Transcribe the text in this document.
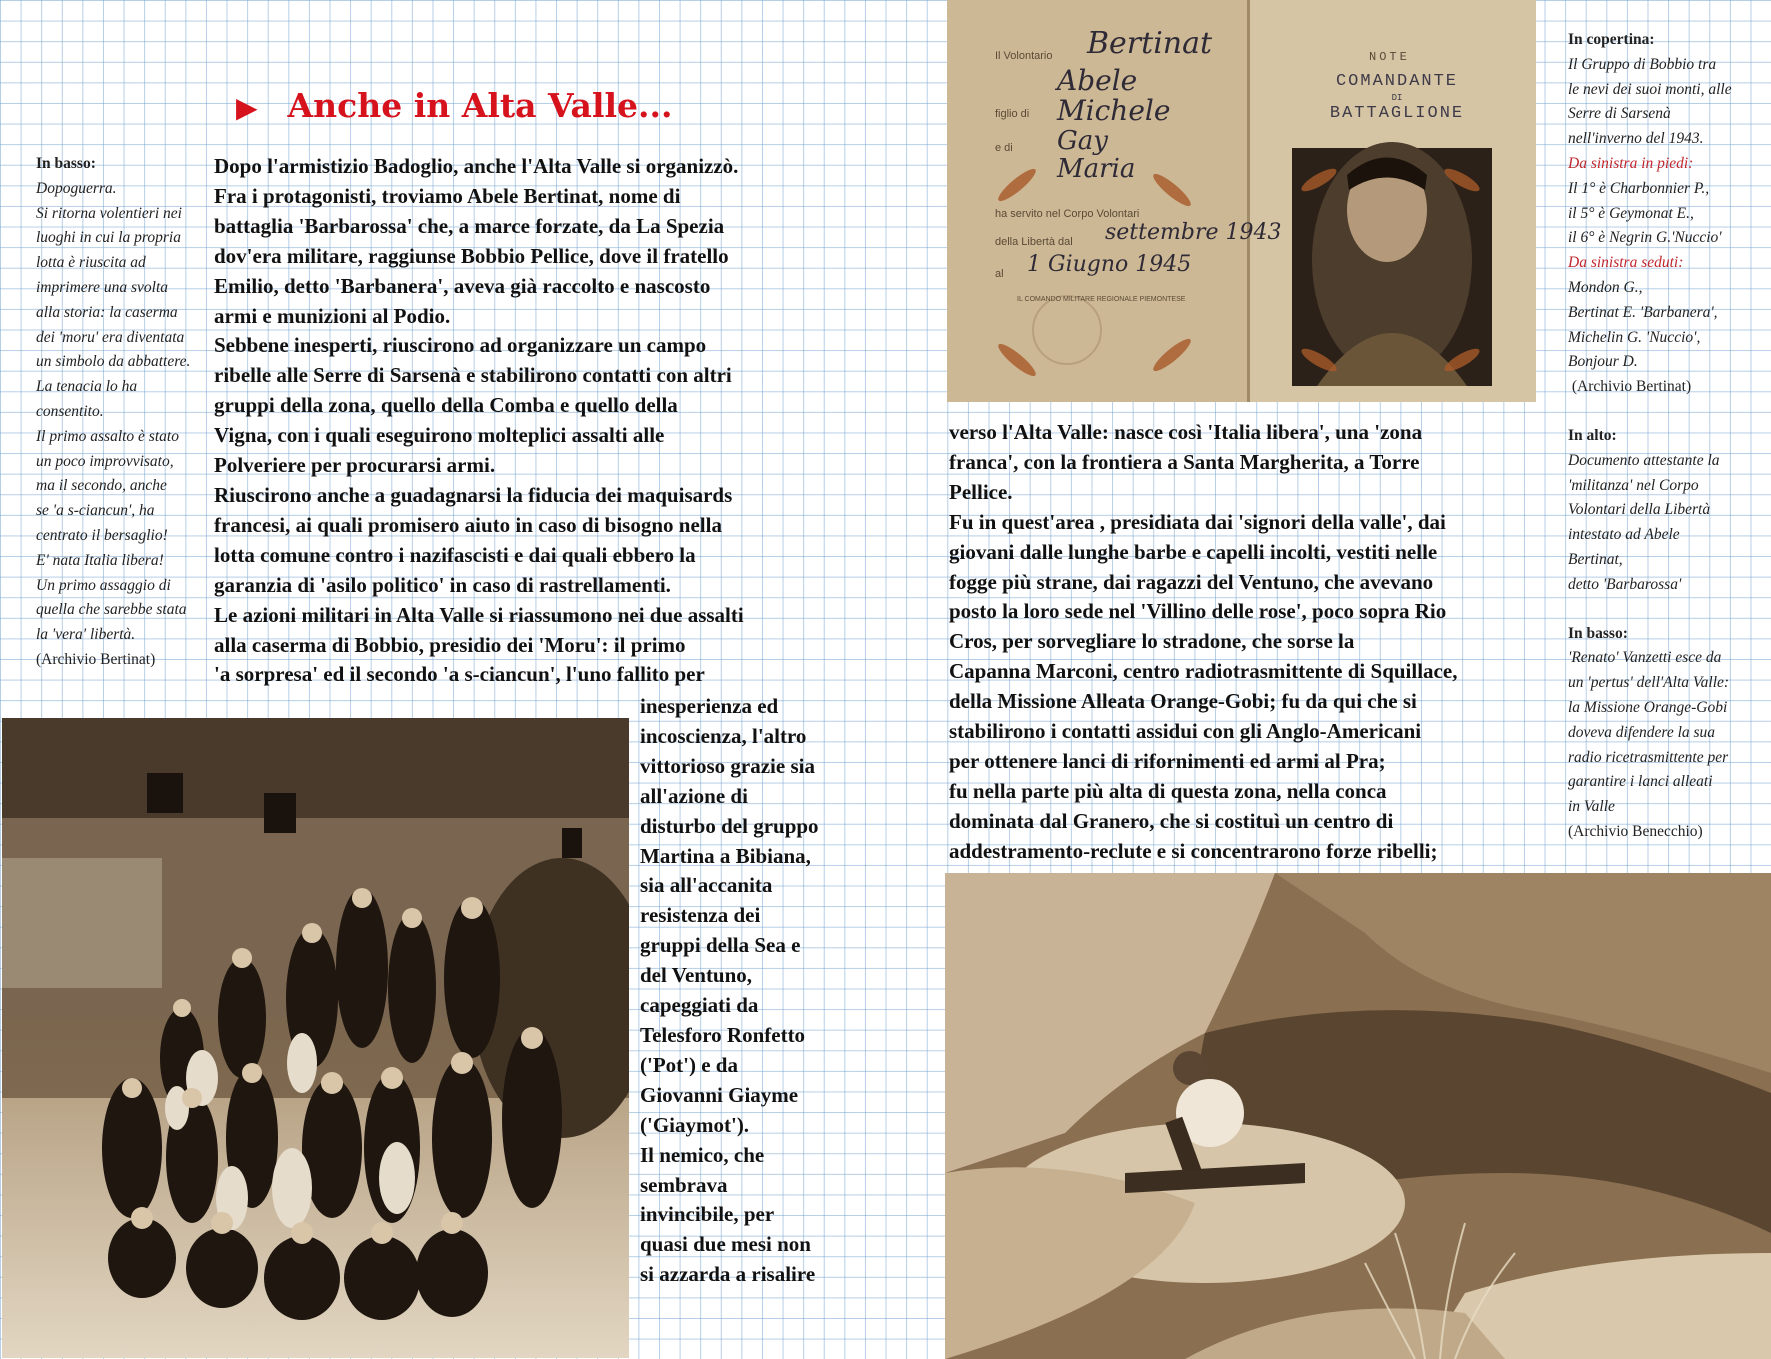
▶ Anche in Alta Valle...
In basso:
Dopoguerra.
Si ritorna volentieri nei
luoghi in cui la propria
lotta è riuscita ad
imprimere una svolta
alla storia: la caserma
dei 'moru' era diventata
un simbolo da abbattere.
La tenacia lo ha
consentito.
Il primo assalto è stato
un poco improvvisato,
ma il secondo, anche
se 'a s-ciancun', ha
centrato il bersaglio!
E' nata Italia libera!
Un primo assaggio di
quella che sarebbe stata
la 'vera' libertà.
(Archivio Bertinat)
Dopo l'armistizio Badoglio, anche l'Alta Valle si organizzò.
Fra i protagonisti, troviamo Abele Bertinat, nome di
battaglia 'Barbarossa' che, a marce forzate, da La Spezia
dov'era militare, raggiunse Bobbio Pellice, dove il fratello
Emilio, detto 'Barbanera', aveva già raccolto e nascosto
armi e munizioni al Podio.
Sebbene inesperti, riuscirono ad organizzare un campo
ribelle alle Serre di Sarsenà e stabilirono contatti con altri
gruppi della zona, quello della Comba e quello della
Vigna, con i quali eseguirono molteplici assalti alle
Polveriere per procurarsi armi.
Riuscirono anche a guadagnarsi la fiducia dei maquisards
francesi, ai quali promisero aiuto in caso di bisogno nella
lotta comune contro i nazifascisti e dai quali ebbero la
garanzia di 'asilo politico' in caso di rastrellamenti.
Le azioni militari in Alta Valle si riassumono nei due assalti
alla caserma di Bobbio, presidio dei 'Moru': il primo
'a sorpresa' ed il secondo 'a s-ciancun', l'uno fallito per
inesperienza ed
incoscienza, l'altro
vittorioso grazie sia
all'azione di
disturbo del gruppo
Martina a Bibiana,
sia all'accanita
resistenza dei
gruppi della Sea e
del Ventuno,
capeggiati da
Telesforo Ronfetto
('Pot') e da
Giovanni Giayme
('Giaymot').
Il nemico, che
sembrava
invincibile, per
quasi due mesi non
si azzarda a risalire
verso l'Alta Valle: nasce così 'Italia libera', una 'zona
franca', con la frontiera a Santa Margherita, a Torre
Pellice.
Fu in quest'area , presidiata dai 'signori della valle', dai
giovani dalle lunghe barbe e capelli incolti, vestiti nelle
fogge più strane, dai ragazzi del Ventuno, che avevano
posto la loro sede nel 'Villino delle rose', poco sopra Rio
Cros, per sorvegliare lo stradone, che sorse la
Capanna Marconi, centro radiotrasmittente di Squillace,
della Missione Alleata Orange-Gobi; fu da qui che si
stabilirono i contatti assidui con gli Anglo-Americani
per ottenere lanci di rifornimenti ed armi al Pra;
fu nella parte più alta di questa zona, nella conca
dominata dal Granero, che si costituì un centro di
addestramento-reclute e si concentrarono forze ribelli;
In copertina:
Il Gruppo di Bobbio tra
le nevi dei suoi monti, alle
Serre di Sarsenà
nell'inverno del 1943.
Da sinistra in piedi:
Il 1° è Charbonnier P.,
il 5° è Geymonat E.,
il 6° è Negrin G.'Nuccio'
Da sinistra seduti:
Mondon G.,
Bertinat E. 'Barbanera',
Michelin G. 'Nuccio',
Bonjour D.
(Archivio Bertinat)
In alto:
Documento attestante la
'militanza' nel Corpo
Volontari della Libertà
intestato ad Abele
Bertinat,
detto 'Barbarossa'
In basso:
'Renato' Vanzetti esce da
un 'pertus' dell'Alta Valle:
la Missione Orange-Gobi
doveva difendere la sua
radio ricetrasmittente per
garantire i lanci alleati
in Valle
(Archivio Benecchio)
Il Volontario Bertinat
Abele
figlio di Michele
e di Gay
Maria
ha servito nel Corpo Volontari
della Libertà dal settembre 1943
al 1 Giugno 1945
IL COMANDO MILITARE REGIONALE PIEMONTESE
NOTE
COMANDANTE
DI
BATTAGLIONE
